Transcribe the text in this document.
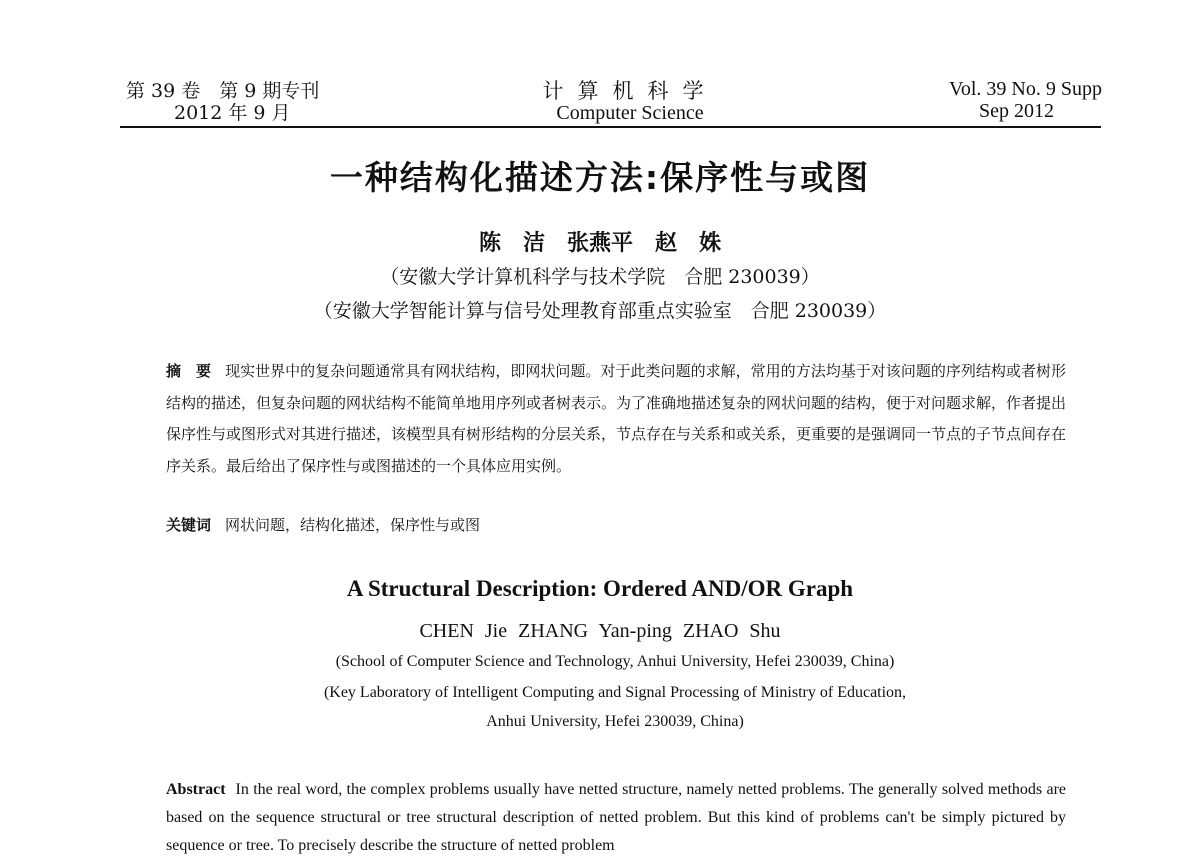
第 39 卷　第 9 期专刊
2012 年 9 月
计算机科学
Computer Science
Vol. 39 No. 9 Supp
Sep 2012
一种结构化描述方法:保序性与或图
陈　洁　张燕平　赵　姝
（安徽大学计算机科学与技术学院　合肥 230039）
（安徽大学智能计算与信号处理教育部重点实验室　合肥 230039）
摘　要 现实世界中的复杂问题通常具有网状结构，即网状问题。对于此类问题的求解，常用的方法均基于对该问题的序列结构或者树形结构的描述，但复杂问题的网状结构不能简单地用序列或者树表示。为了准确地描述复杂的网状问题的结构，便于对问题求解，作者提出保序性与或图形式对其进行描述，该模型具有树形结构的分层关系，节点存在与关系和或关系，更重要的是强调同一节点的子节点间存在序关系。最后给出了保序性与或图描述的一个具体应用实例。
关键词 网状问题，结构化描述，保序性与或图
A Structural Description: Ordered AND/OR Graph
CHEN Jie ZHANG Yan-ping ZHAO Shu
(School of Computer Science and Technology, Anhui University, Hefei 230039, China)
(Key Laboratory of Intelligent Computing and Signal Processing of Ministry of Education,
Anhui University, Hefei 230039, China)
Abstract In the real word, the complex problems usually have netted structure, namely netted problems. The generally solved methods are based on the sequence structural or tree structural description of netted problem. But this kind of problems can't be simply pictured by sequence or tree. To precisely describe the structure of netted problem
